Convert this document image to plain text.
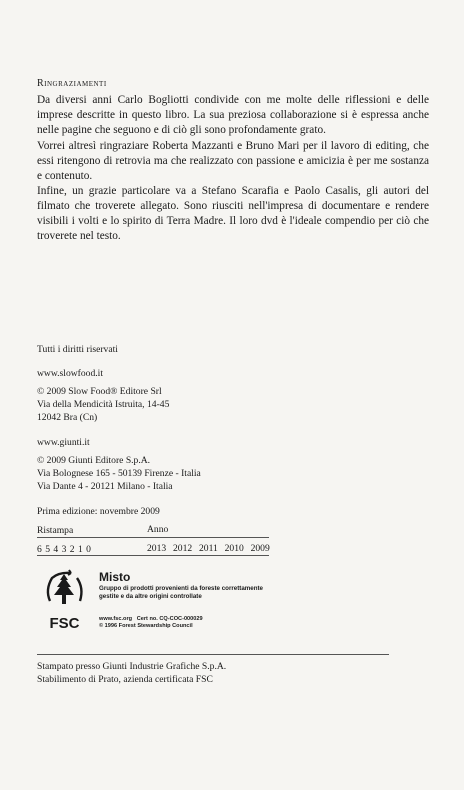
Ringraziamenti
Da diversi anni Carlo Bogliotti condivide con me molte delle riflessioni e delle imprese descritte in questo libro. La sua preziosa collaborazione si è espressa anche nelle pagine che seguono e di ciò gli sono profondamente grato.
Vorrei altresì ringraziare Roberta Mazzanti e Bruno Mari per il lavoro di editing, che essi ritengono di retrovia ma che realizzato con passione e amicizia è per me sostanza e contenuto.
Infine, un grazie particolare va a Stefano Scarafia e Paolo Casalis, gli autori del filmato che troverete allegato. Sono riusciti nell'impresa di documentare e rendere visibili i volti e lo spirito di Terra Madre. Il loro dvd è l'ideale compendio per ciò che troverete nel testo.
Tutti i diritti riservati
www.slowfood.it
© 2009 Slow Food® Editore Srl
Via della Mendicità Istruita, 14-45
12042 Bra (Cn)
www.giunti.it
© 2009 Giunti Editore S.p.A.
Via Bolognese 165 - 50139 Firenze - Italia
Via Dante 4 - 20121 Milano - Italia
Prima edizione: novembre 2009
Ristampa	Anno
6 5 4 3 2 1 0	2013  2012  2011  2010  2009
FSC
Misto
Gruppo di prodotti provenienti da foreste correttamente gestite e da altre origini controllate
www.fsc.org   Cert no. CQ-COC-000029
© 1996 Forest Stewardship Council
Stampato presso Giunti Industrie Grafiche S.p.A.
Stabilimento di Prato, azienda certificata FSC
